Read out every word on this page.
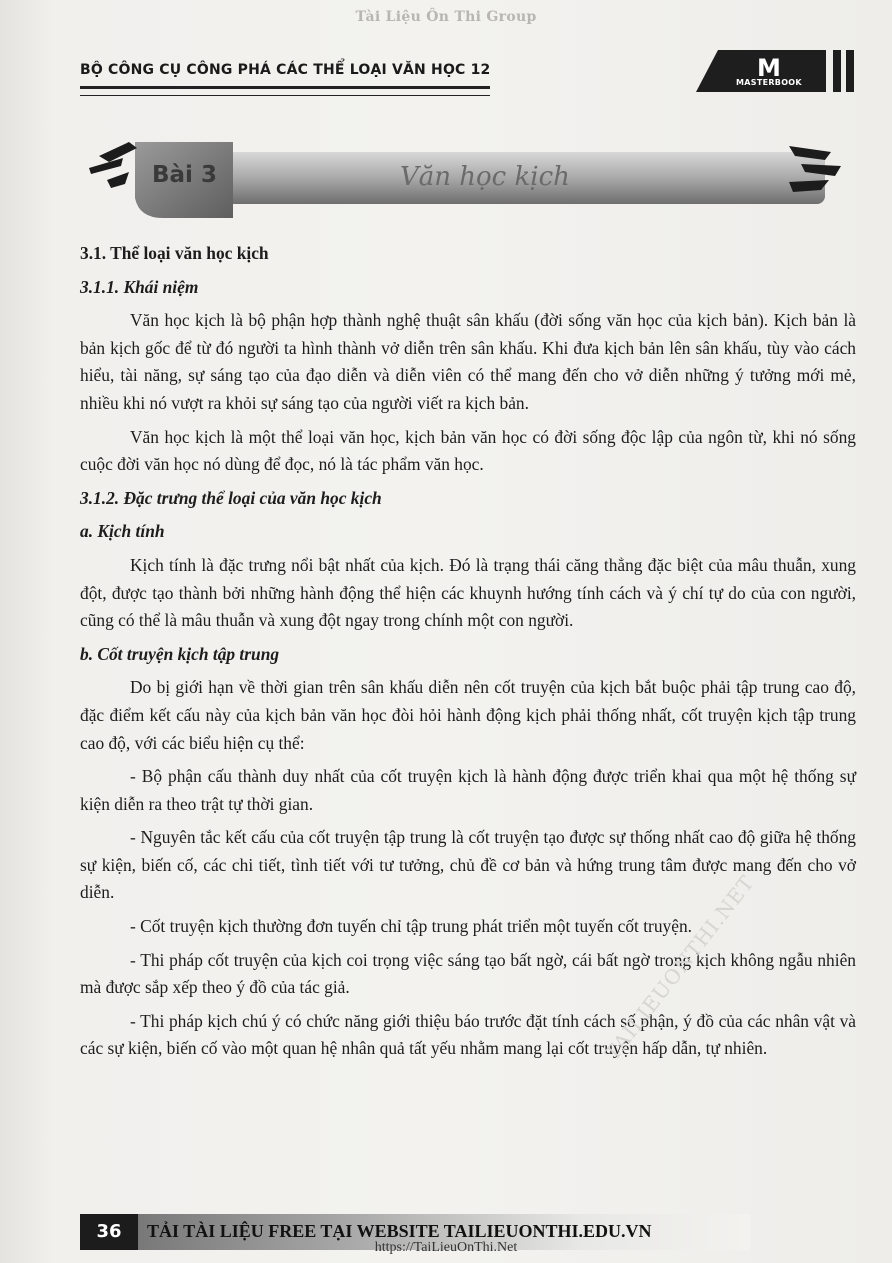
Tài Liệu Ôn Thi Group
BỘ CÔNG CỤ CÔNG PHÁ CÁC THỂ LOẠI VĂN HỌC 12	M
MASTERBOOK
Bài 3	Văn học kịch
3.1. Thể loại văn học kịch
3.1.1. Khái niệm

Văn học kịch là bộ phận hợp thành nghệ thuật sân khấu (đời sống văn học của kịch bản). Kịch bản là bản kịch gốc để từ đó người ta hình thành vở diễn trên sân khấu. Khi đưa kịch bản lên sân khấu, tùy vào cách hiểu, tài năng, sự sáng tạo của đạo diễn và diễn viên có thể mang đến cho vở diễn những ý tưởng mới mẻ, nhiều khi nó vượt ra khỏi sự sáng tạo của người viết ra kịch bản.

Văn học kịch là một thể loại văn học, kịch bản văn học có đời sống độc lập của ngôn từ, khi nó sống cuộc đời văn học nó dùng để đọc, nó là tác phẩm văn học.

3.1.2. Đặc trưng thể loại của văn học kịch
a. Kịch tính

Kịch tính là đặc trưng nổi bật nhất của kịch. Đó là trạng thái căng thẳng đặc biệt của mâu thuẫn, xung đột, được tạo thành bởi những hành động thể hiện các khuynh hướng tính cách và ý chí tự do của con người, cũng có thể là mâu thuẫn và xung đột ngay trong chính một con người.

b. Cốt truyện kịch tập trung

Do bị giới hạn về thời gian trên sân khấu diễn nên cốt truyện của kịch bắt buộc phải tập trung cao độ, đặc điểm kết cấu này của kịch bản văn học đòi hỏi hành động kịch phải thống nhất, cốt truyện kịch tập trung cao độ, với các biểu hiện cụ thể:

- Bộ phận cấu thành duy nhất của cốt truyện kịch là hành động được triển khai qua một hệ thống sự kiện diễn ra theo trật tự thời gian.

- Nguyên tắc kết cấu của cốt truyện tập trung là cốt truyện tạo được sự thống nhất cao độ giữa hệ thống sự kiện, biến cố, các chi tiết, tình tiết với tư tưởng, chủ đề cơ bản và hứng trung tâm được mang đến cho vở diễn.

- Cốt truyện kịch thường đơn tuyến chỉ tập trung phát triển một tuyến cốt truyện.

- Thi pháp cốt truyện của kịch coi trọng việc sáng tạo bất ngờ, cái bất ngờ trong kịch không ngẫu nhiên mà được sắp xếp theo ý đồ của tác giả.

- Thi pháp kịch chú ý có chức năng giới thiệu báo trước đặt tính cách số phận, ý đồ của các nhân vật và các sự kiện, biến cố vào một quan hệ nhân quả tất yếu nhằm mang lại cốt truyện hấp dẫn, tự nhiên.

TAILIEUONTHI.NET
36	TẢI TÀI LIỆU FREE TẠI WEBSITE TAILIEUONTHI.EDU.VN
https://TaiLieuOnThi.Net
